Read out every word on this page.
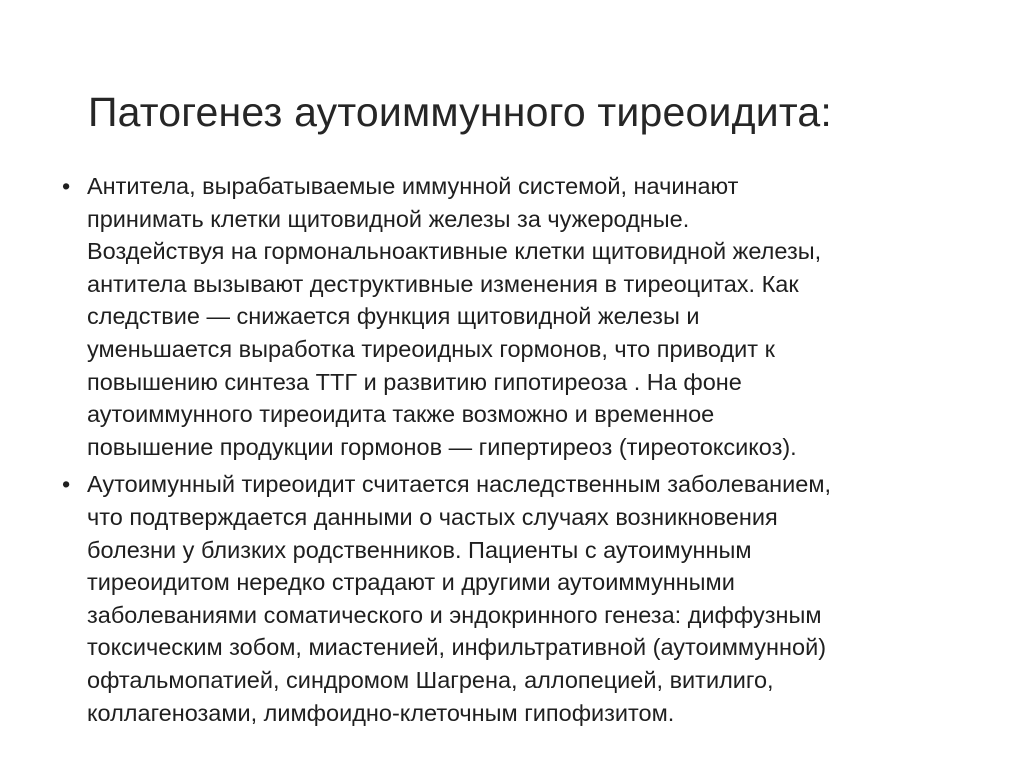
Патогенез аутоиммунного тиреоидита:
• Антитела, вырабатываемые иммунной системой, начинают
принимать клетки щитовидной железы за чужеродные.
Воздействуя на гормональноактивные клетки щитовидной железы,
антитела вызывают деструктивные изменения в тиреоцитах. Как
следствие — снижается функция щитовидной железы и
уменьшается выработка тиреоидных гормонов, что приводит к
повышению синтеза ТТГ и развитию гипотиреоза . На фоне
аутоиммунного тиреоидита также возможно и временное
повышение продукции гормонов — гипертиреоз (тиреотоксикоз).
• Аутоимунный тиреоидит считается наследственным заболеванием,
что подтверждается данными о частых случаях возникновения
болезни у близких родственников. Пациенты с аутоимунным
тиреоидитом нередко страдают и другими аутоиммунными
заболеваниями соматического и эндокринного генеза: диффузным
токсическим зобом, миастенией, инфильтративной (аутоиммунной)
офтальмопатией, синдромом Шагрена, аллопецией, витилиго,
коллагенозами, лимфоидно-клеточным гипофизитом.
